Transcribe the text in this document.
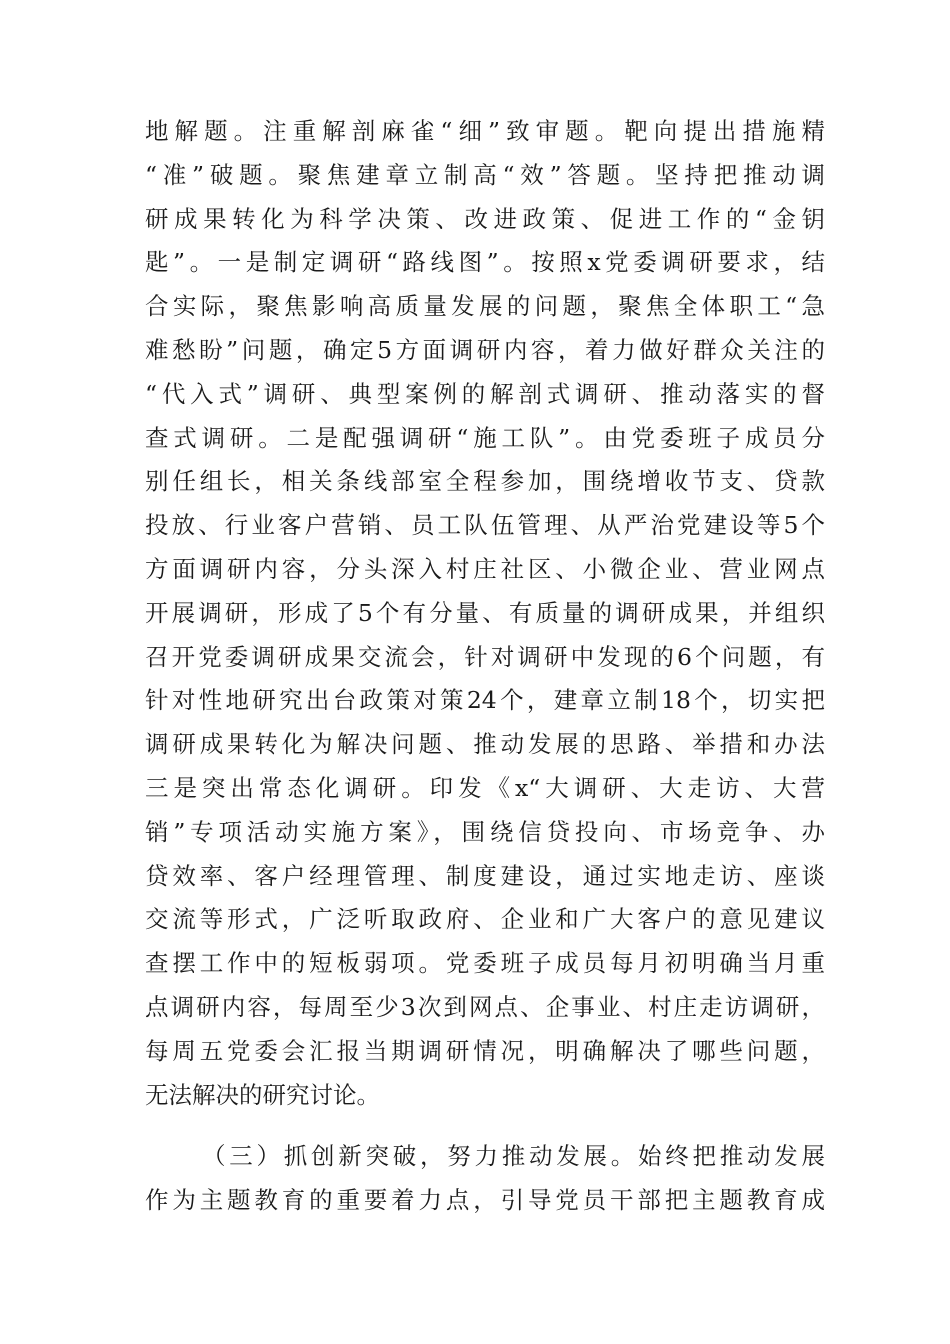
地解题。注重解剖麻雀“细”致审题。靶向提出措施精
“准”破题。聚焦建章立制高“效”答题。坚持把推动调
研成果转化为科学决策、改进政策、促进工作的“金钥
匙”。一是制定调研“路线图”。按照x党委调研要求，结
合实际，聚焦影响高质量发展的问题，聚焦全体职工“急
难愁盼”问题，确定5方面调研内容，着力做好群众关注的
“代入式”调研、典型案例的解剖式调研、推动落实的督
查式调研。二是配强调研“施工队”。由党委班子成员分
别任组长，相关条线部室全程参加，围绕增收节支、贷款
投放、行业客户营销、员工队伍管理、从严治党建设等5个
方面调研内容，分头深入村庄社区、小微企业、营业网点
开展调研，形成了5个有分量、有质量的调研成果，并组织
召开党委调研成果交流会，针对调研中发现的6个问题，有
针对性地研究出台政策对策24个，建章立制18个，切实把
调研成果转化为解决问题、推动发展的思路、举措和办法
三是突出常态化调研。印发《x“大调研、大走访、大营
销”专项活动实施方案》，围绕信贷投向、市场竞争、办
贷效率、客户经理管理、制度建设，通过实地走访、座谈
交流等形式，广泛听取政府、企业和广大客户的意见建议
查摆工作中的短板弱项。党委班子成员每月初明确当月重
点调研内容，每周至少3次到网点、企事业、村庄走访调研，
每周五党委会汇报当期调研情况，明确解决了哪些问题，
无法解决的研究讨论。
（三）抓创新突破，努力推动发展。始终把推动发展
作为主题教育的重要着力点，引导党员干部把主题教育成
